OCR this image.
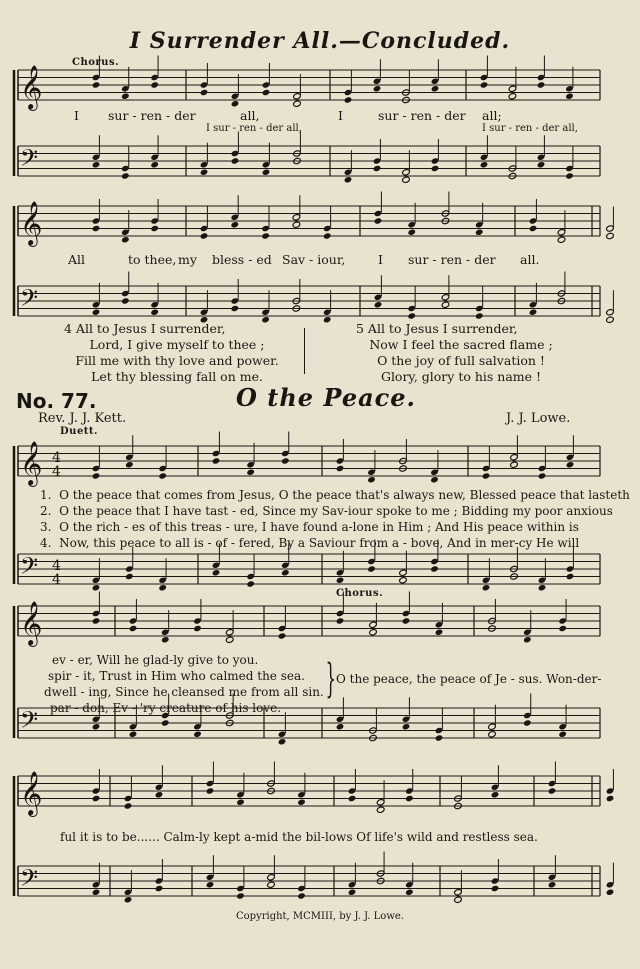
𝄞
𝄢
𝄞
𝄢
𝄞
𝄢
𝄞
𝄢
𝄞
𝄢
4
4
4
4
I Surrender All.—Concluded.
Chorus.
I sur - ren - der	all,	I	sur - ren - der all;
I sur - ren - der all,	I sur - ren - der all,
All	to thee, my bless - ed Sav - iour,	I sur - ren - der all.
4 All to Jesus I surrender,
Lord, I give myself to thee ;
Fill me with thy love and power.
Let thy blessing fall on me.
5 All to Jesus I surrender,
Now I feel the sacred flame ;
O the joy of full salvation !
Glory, glory to his name !
No. 77.	O the Peace.
Rev. J. J. Kett.	J. J. Lowe.
Duett.
1. O the peace that comes from Jesus, O the peace that's always new, Blessed peace that lasteth
2. O the peace that I have tast - ed, Since my Sav-iour spoke to me ; Bidding my poor anxious
3. O the rich - es of this treas - ure, I have found a-lone in Him ; And His peace within is
4. Now, this peace to all is - of - fered, By a Saviour from a - bove, And in mer-cy He will
Chorus.
ev - er, Will he glad-ly give to you.
spir - it, Trust in Him who calmed the sea.
dwell - ing, Since he cleansed me from all sin.
par - don, Ev - 'ry creature of his love.
} O the peace, the peace of Je - sus. Won-der-
ful it is to be...... Calm-ly kept a-mid the bil-lows Of life's wild and restless sea.
Copyright, MCMIII, by J. J. Lowe.
